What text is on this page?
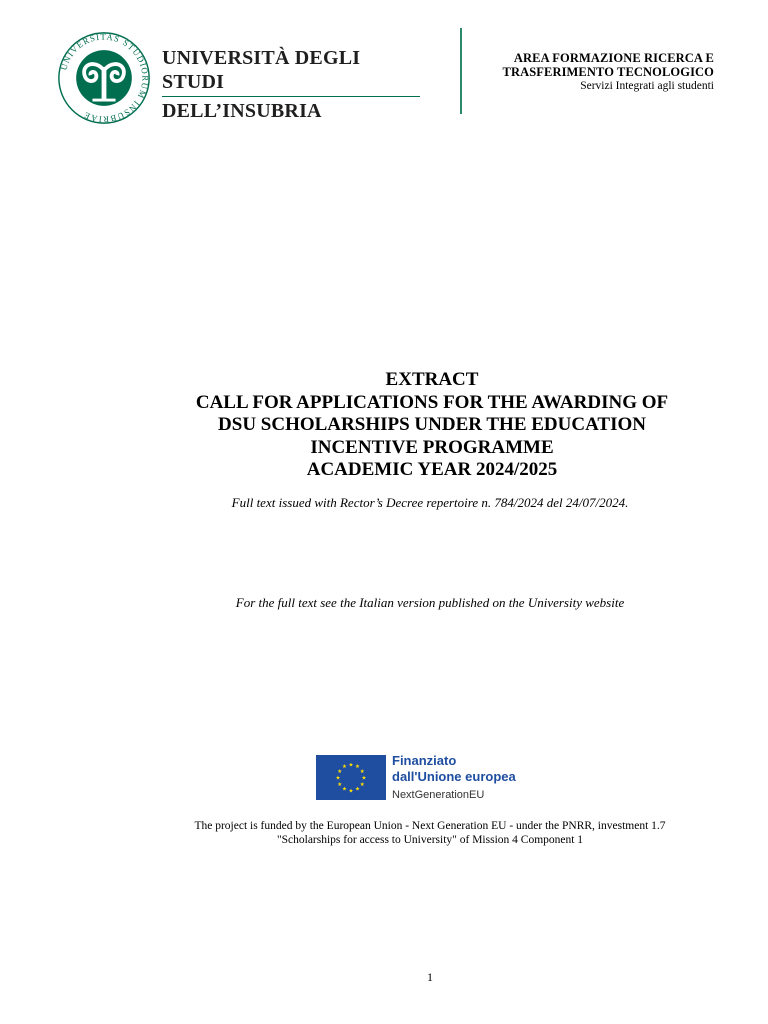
UNIVERSITAS STUDIORUM INSUBRIAE
UNIVERSITÀ DEGLI STUDI
DELL’INSUBRIA
AREA FORMAZIONE RICERCA E
TRASFERIMENTO TECNOLOGICO
Servizi Integrati agli studenti
EXTRACT
CALL FOR APPLICATIONS FOR THE AWARDING OF
DSU SCHOLARSHIPS UNDER THE EDUCATION
INCENTIVE PROGRAMME
ACADEMIC YEAR 2024/2025
Full text issued with Rector’s Decree repertoire n. 784/2024 del 24/07/2024.
For the full text see the Italian version published on the University website
★ ★
★
★
★
★
★
★
★
★
★
★	Finanziato
dall'Unione europea
NextGenerationEU
The project is funded by the European Union - Next Generation EU - under the PNRR, investment 1.7
"Scholarships for access to University" of Mission 4 Component 1
1
